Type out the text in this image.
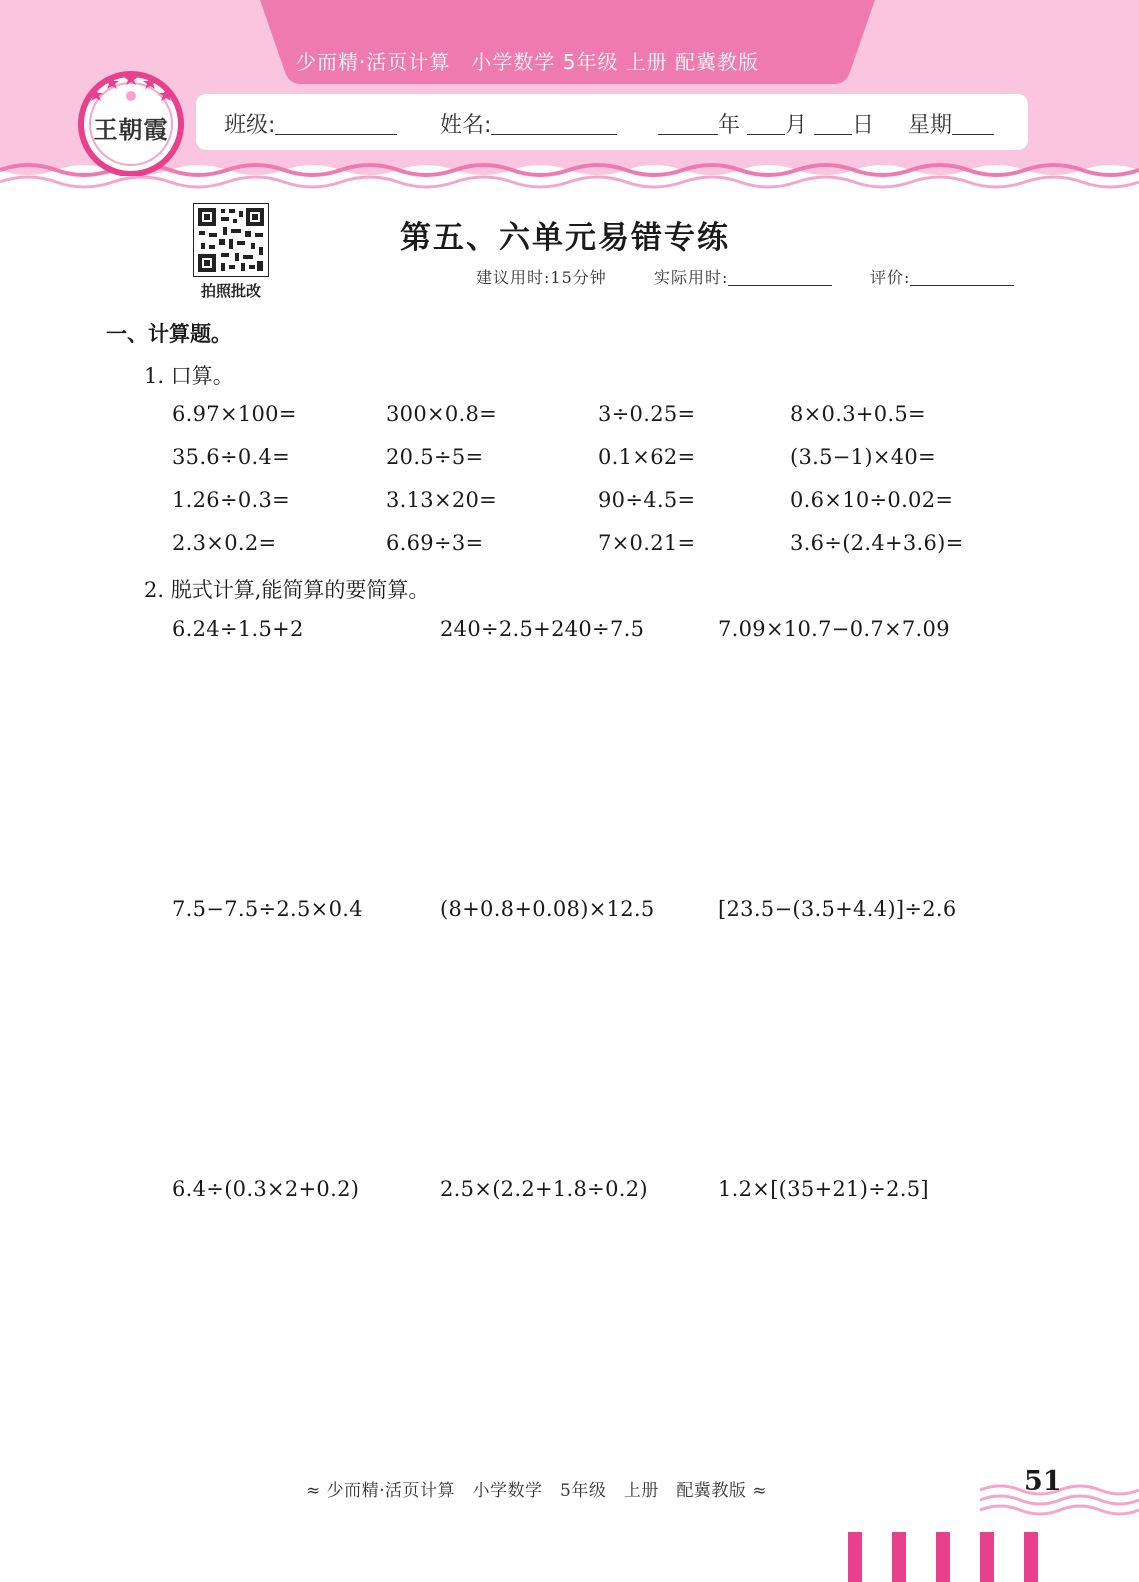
少而精·活页计算　小学数学 5年级 上册 配冀教版
班级:	姓名:	年 月 日 星期
王朝霞
拍照批改
第五、六单元易错专练
建议用时:15分钟	实际用时:	评价:
一、计算题。
1. 口算。
6.97×100=	300×0.8=	3÷0.25=	8×0.3+0.5=
35.6÷0.4=	20.5÷5=	0.1×62=	(3.5−1)×40=
1.26÷0.3=	3.13×20=	90÷4.5=	0.6×10÷0.02=
2.3×0.2=	6.69÷3=	7×0.21=	3.6÷(2.4+3.6)=
2. 脱式计算,能简算的要简算。
6.24÷1.5+2	240÷2.5+240÷7.5	7.09×10.7−0.7×7.09
7.5−7.5÷2.5×0.4	(8+0.8+0.08)×12.5	[23.5−(3.5+4.4)]÷2.6
6.4÷(0.3×2+0.2)	2.5×(2.2+1.8÷0.2)	1.2×[(35+21)÷2.5]
≈ 少而精·活页计算　小学数学　5年级　上册　配冀教版 ≈	51
